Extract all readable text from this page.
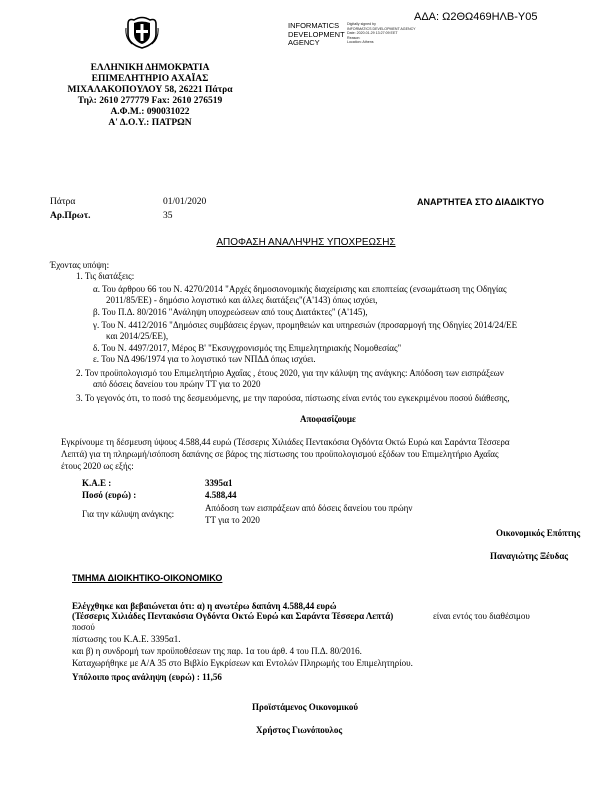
ΑΔΑ: Ω2ΘΩ469ΗΛΒ-Υ05
INFORMATICS
DEVELOPMENT
AGENCY
Digitally signed by
INFORMATICS DEVELOPMENT AGENCY
Date: 2020.01.29 13:27:09 EET
Reason:
Location: Athens
ΕΛΛΗΝΙΚΗ ΔΗΜΟΚΡΑΤΙΑ
ΕΠΙΜΕΛΗΤΗΡΙΟ ΑΧΑΪΑΣ
ΜΙΧΑΛΑΚΟΠΟΥΛΟΥ 58, 26221 Πάτρα
Τηλ: 2610 277779 Fax: 2610 276519
Α.Φ.Μ.: 090031022
Α' Δ.Ο.Υ.: ΠΑΤΡΩΝ
Πάτρα	01/01/2020	ΑΝΑΡΤΗΤΕΑ ΣΤΟ ΔΙΑΔΙΚΤΥΟ
Αρ.Πρωτ.	35
ΑΠΟΦΑΣΗ ΑΝΑΛΗΨΗΣ ΥΠΟΧΡΕΩΣΗΣ
Έχοντας υπόψη:
1. Τις διατάξεις:
α. Του άρθρου 66 του Ν. 4270/2014 "Αρχές δημοσιονομικής διαχείρισης και εποπτείας (ενσωμάτωση της Οδηγίας
2011/85/ΕΕ) - δημόσιο λογιστικό και άλλες διατάξεις"(Α'143) όπως ισχύει,
β. Του Π.Δ. 80/2016 "Ανάληψη υποχρεώσεων από τους Διατάκτες" (Α'145),
γ. Του Ν. 4412/2016 "Δημόσιες συμβάσεις έργων, προμηθειών και υπηρεσιών (προσαρμογή της Οδηγίες 2014/24/ΕΕ
και 2014/25/ΕΕ),
δ. Του Ν. 4497/2017, Μέρος Β' "Εκσυγχρονισμός της Επιμελητηριακής Νομοθεσίας"
ε. Του ΝΔ 496/1974 για το λογιστικό των ΝΠΔΔ όπως ισχύει.
2. Τον προϋπολογισμό του Επιμελητήριο Αχαΐας , έτους 2020, για την κάλυψη της ανάγκης: Απόδοση των εισπράξεων
από δόσεις δανείου του πρώην ΤΤ για το 2020
3. Το γεγονός ότι, το ποσό της δεσμευόμενης, με την παρούσα, πίστωσης είναι εντός του εγκεκριμένου ποσού διάθεσης,
Αποφασίζουμε
Εγκρίνουμε τη δέσμευση ύψους 4.588,44 ευρώ (Τέσσερις Χιλιάδες Πεντακόσια Ογδόντα Οκτώ Ευρώ και Σαράντα Τέσσερα
Λεπτά) για τη πληρωμή/ισόποση δαπάνης σε βάρος της πίστωσης του προϋπολογισμού εξόδων του Επιμελητήριο Αχαΐας
έτους 2020 ως εξής:
Κ.Α.Ε :	3395α1
Ποσό (ευρώ) :	4.588,44
Για την κάλυψη ανάγκης:
Απόδοση των εισπράξεων από δόσεις δανείου του πρώην
ΤΤ για το 2020
Οικονομικός Επόπτης
Παναγιώτης Ξέυδας
ΤΜΗΜΑ ΔΙΟΙΚΗΤΙΚΟ-ΟΙΚΟΝΟΜΙΚΟ
Ελέγχθηκε και βεβαιώνεται ότι: α) η ανωτέρω δαπάνη 4.588,44 ευρώ
(Τέσσερις Χιλιάδες Πεντακόσια Ογδόντα Οκτώ Ευρώ και Σαράντα Τέσσερα Λεπτά)	είναι εντός του διαθέσιμου
ποσού
πίστωσης του Κ.Α.Ε. 3395α1.
και β) η συνδρομή των προϋποθέσεων της παρ. 1α του άρθ. 4 του Π.Δ. 80/2016.
Καταχωρήθηκε με Α/Α 35 στο Βιβλίο Εγκρίσεων και Εντολών Πληρωμής του Επιμελητηρίου.
Υπόλοιπο προς ανάληψη (ευρώ) : 11,56
Προϊστάμενος Οικονομικού
Χρήστος Γιωνόπουλος
